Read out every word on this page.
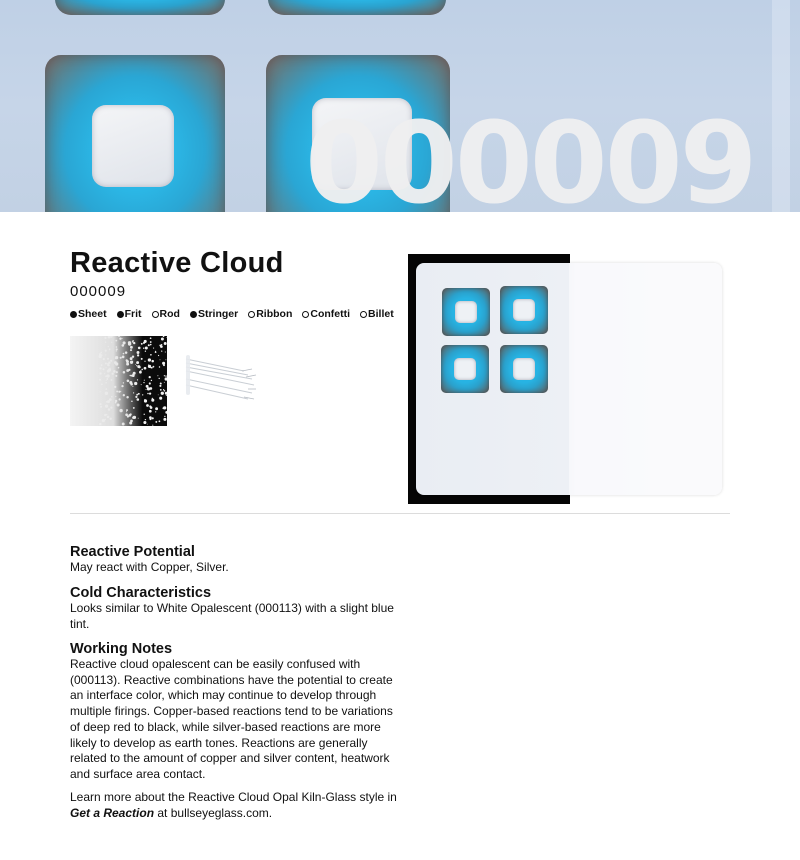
000009
Reactive Cloud
000009
Sheet Frit Rod Stringer Ribbon Confetti Billet
Reactive Potential

May react with Copper, Silver.

Cold Characteristics

Looks similar to White Opalescent (000113) with a slight blue tint.

Working Notes

Reactive cloud opalescent can be easily confused with (000113). Reactive combinations have the potential to create an interface color, which may continue to develop through multiple firings. Copper-based reactions tend to be variations of deep red to black, while silver-based reactions are more likely to develop as earth tones. Reactions are generally related to the amount of copper and silver content, heatwork and surface area contact.

Learn more about the Reactive Cloud Opal Kiln-Glass style in Get a Reaction at bullseyeglass.com.
